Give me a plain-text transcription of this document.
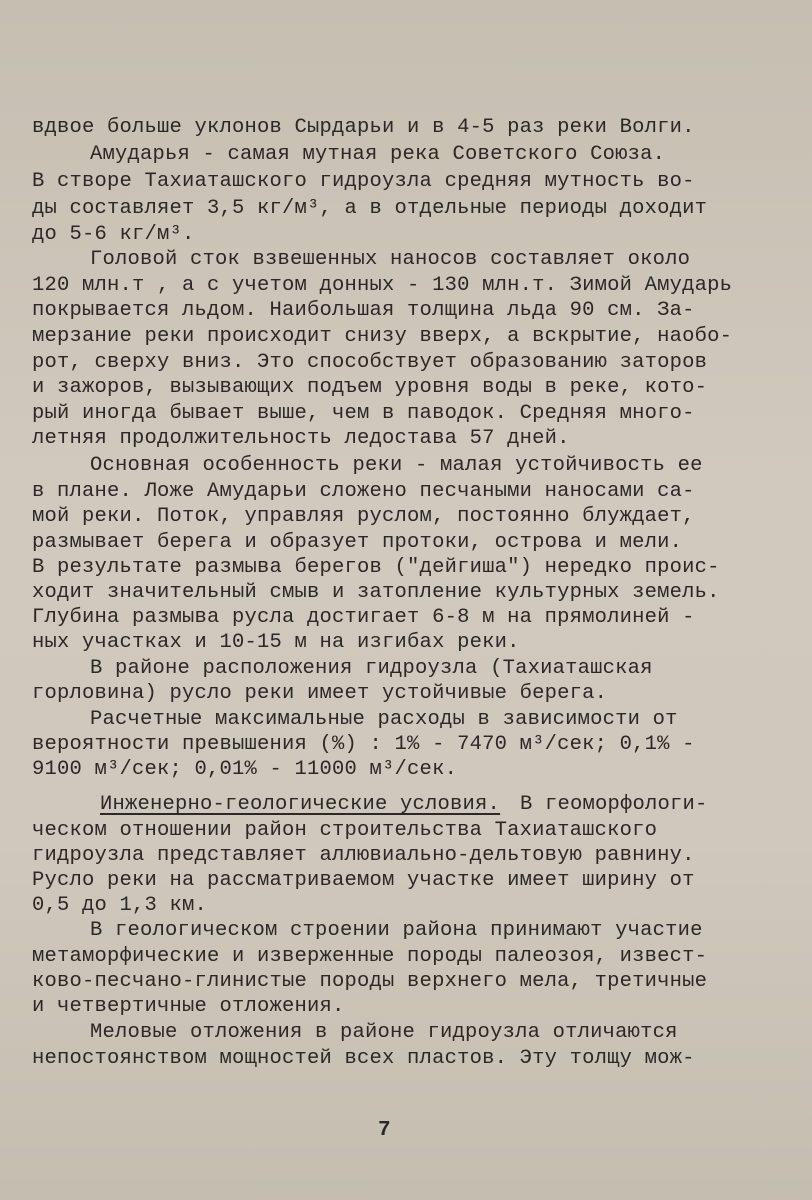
вдвое больше уклонов Сырдарьи и в 4-5 раз реки Волги.
Амударья - самая мутная река Советского Союза.
В створе Тахиаташского гидроузла средняя мутность во-
ды составляет 3,5 кг/м³, а в отдельные периоды доходит
до 5-6 кг/м³.
Головой сток взвешенных наносов составляет около
120 млн.т , а с учетом донных - 130 млн.т. Зимой Амударь
покрывается льдом. Наибольшая толщина льда 90 см. За-
мерзание реки происходит снизу вверх, а вскрытие, наобо-
рот, сверху вниз. Это способствует образованию заторов
и зажоров, вызывающих подъем уровня воды в реке, кото-
рый иногда бывает выше, чем в паводок. Средняя много-
летняя продолжительность ледостава 57 дней.
Основная особенность реки - малая устойчивость ее
в плане. Ложе Амударьи сложено песчаными наносами са-
мой реки. Поток, управляя руслом, постоянно блуждает,
размывает берега и образует протоки, острова и мели.
В результате размыва берегов ("дейгиша") нередко проис-
ходит значительный смыв и затопление культурных земель.
Глубина размыва русла достигает 6-8 м на прямолиней -
ных участках и 10-15 м на изгибах реки.
В районе расположения гидроузла (Тахиаташская
горловина) русло реки имеет устойчивые берега.
Расчетные максимальные расходы в зависимости от
вероятности превышения (%) : 1% - 7470 м³/сек; 0,1% -
9100 м³/сек; 0,01% - 11000 м³/сек.
Инженерно-геологические условия. В геоморфологи-
ческом отношении район строительства Тахиаташского
гидроузла представляет аллювиально-дельтовую равнину.
Русло реки на рассматриваемом участке имеет ширину от
0,5 до 1,3 км.
В геологическом строении района принимают участие
метаморфические и изверженные породы палеозоя, извест-
ково-песчано-глинистые породы верхнего мела, третичные
и четвертичные отложения.
Меловые отложения в районе гидроузла отличаются
непостоянством мощностей всех пластов. Эту толщу мож-
7
